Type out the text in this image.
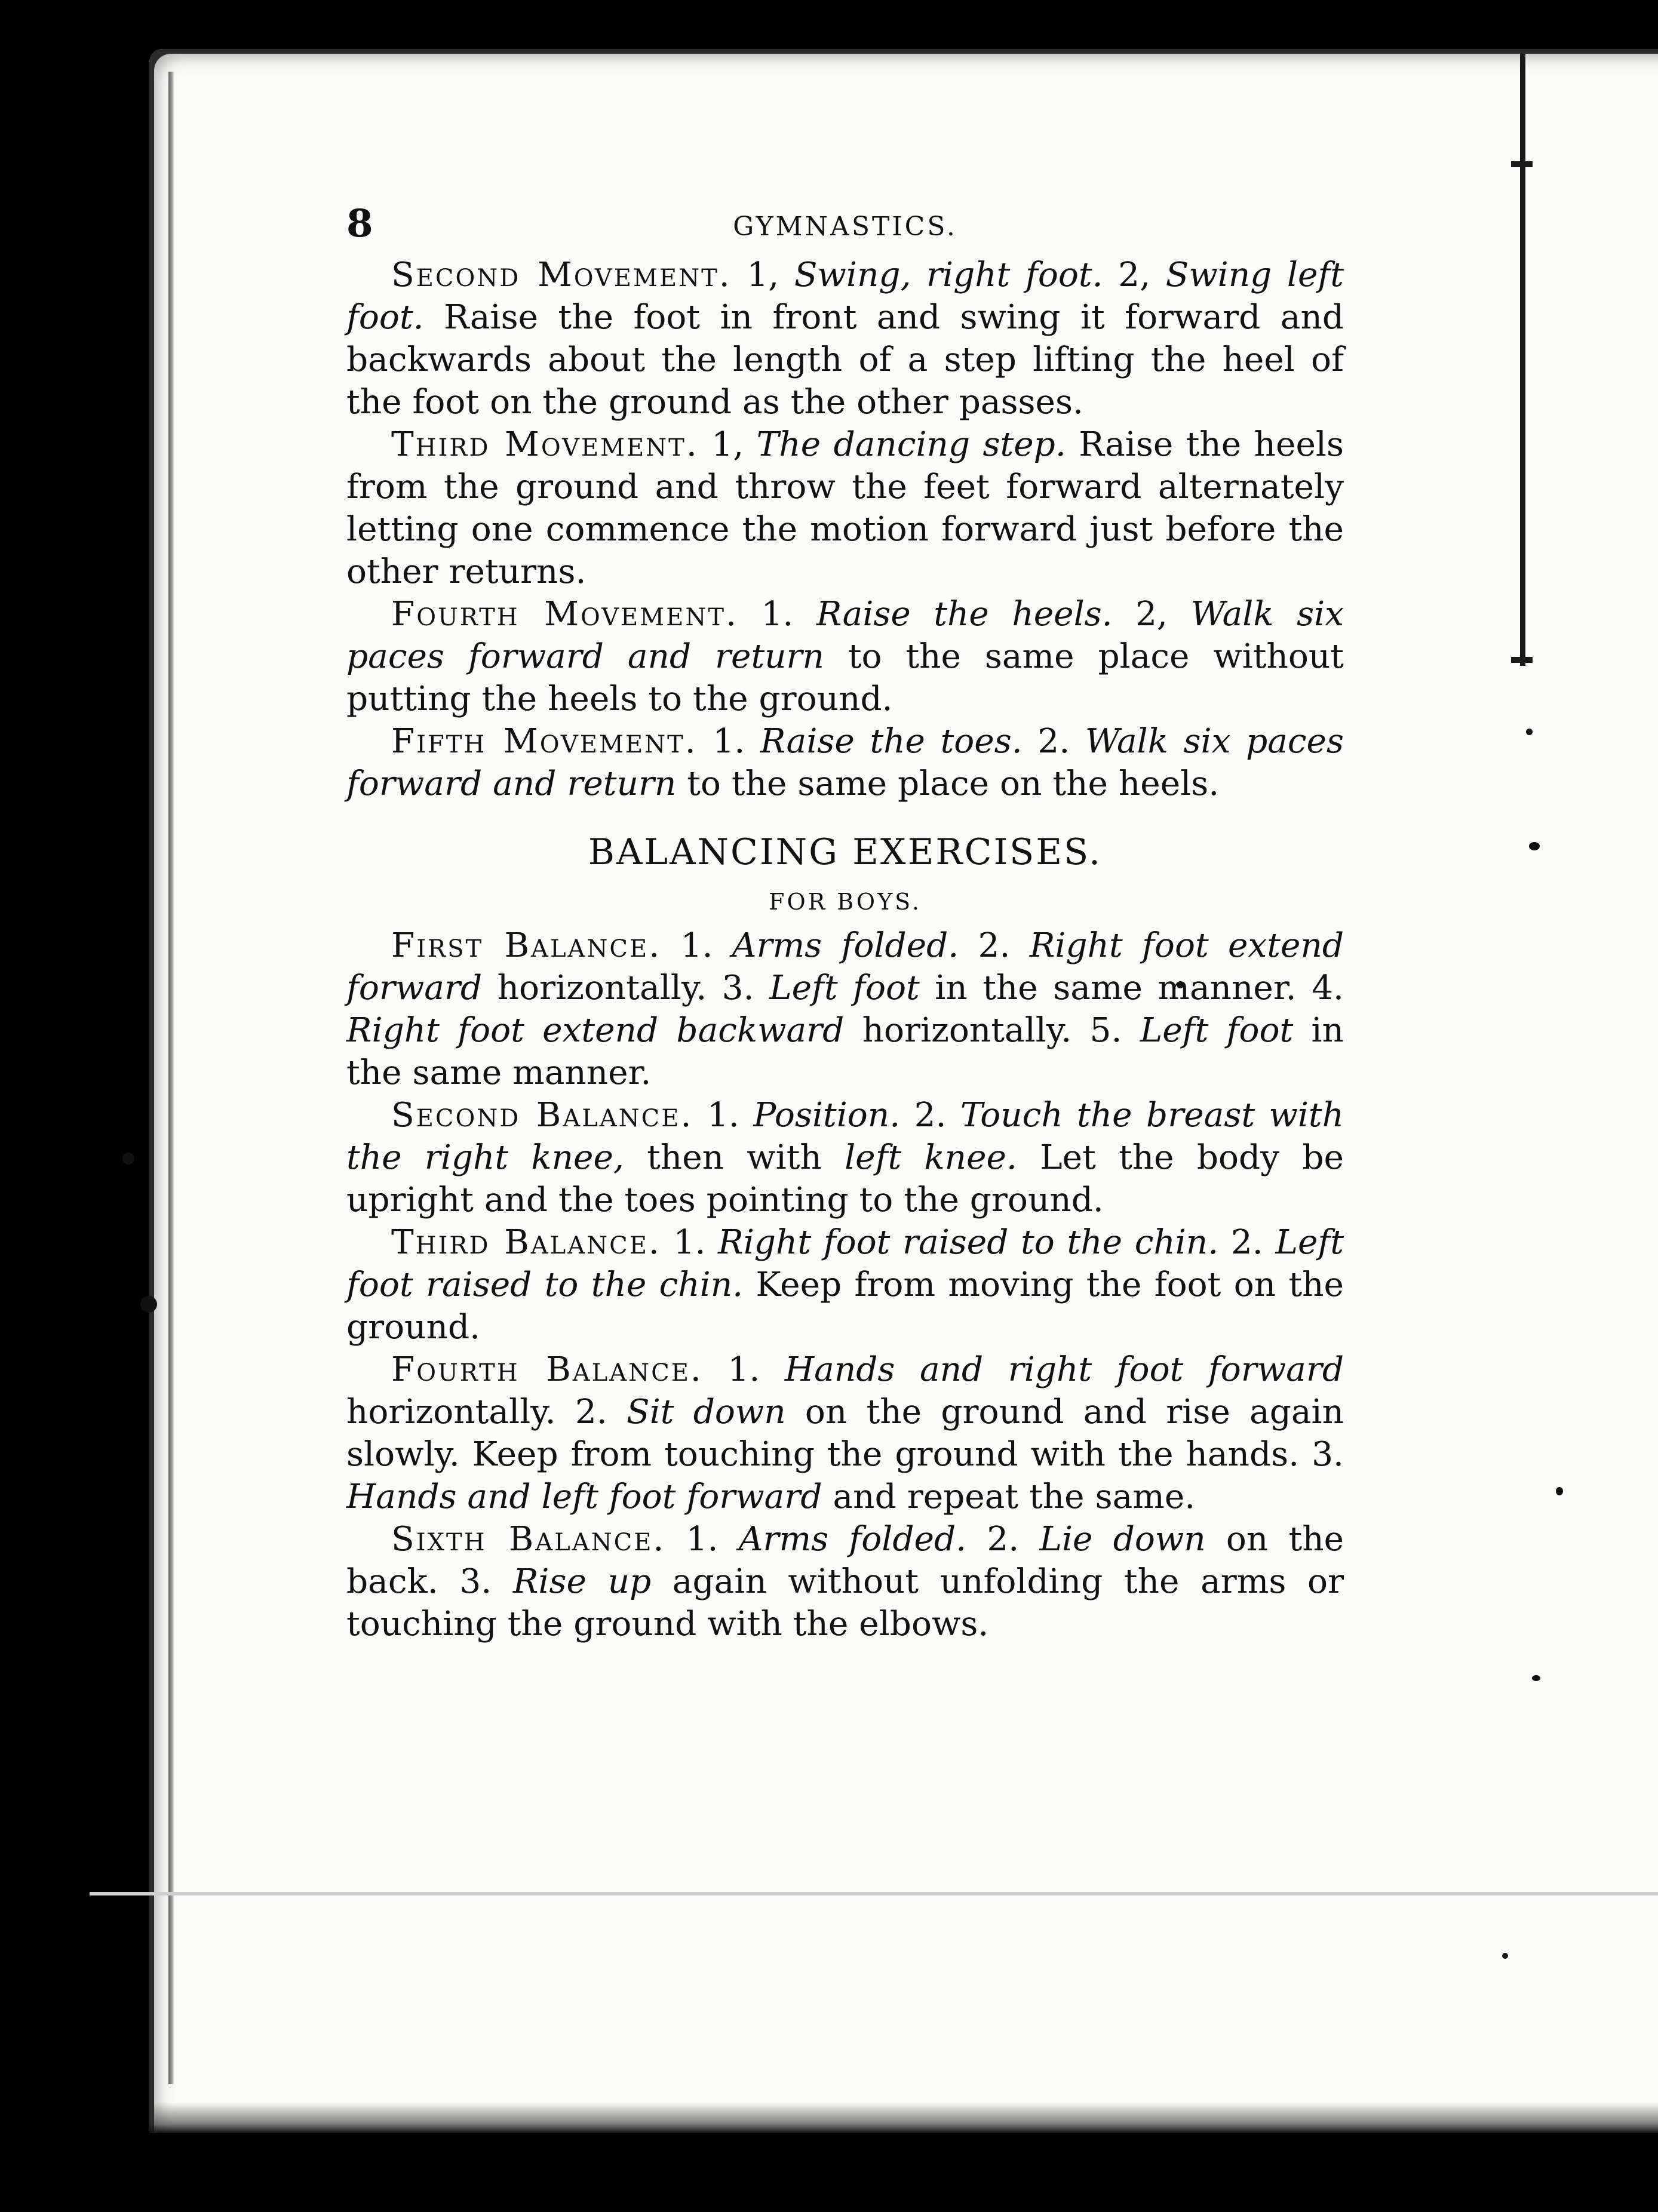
8	GYMNASTICS.

Second Movement. 1, Swing, right foot. 2, Swing left foot. Raise the foot in front and swing it forward and backwards about the length of a step lifting the heel of the foot on the ground as the other passes.

Third Movement. 1, The dancing step. Raise the heels from the ground and throw the feet forward alternately letting one commence the motion forward just before the other returns.

Fourth Movement. 1. Raise the heels. 2, Walk six paces forward and return to the same place without putting the heels to the ground.

Fifth Movement. 1. Raise the toes. 2. Walk six paces forward and return to the same place on the heels.

BALANCING EXERCISES.
FOR BOYS.

First Balance. 1. Arms folded. 2. Right foot extend forward horizontally. 3. Left foot in the same manner. 4. Right foot extend backward horizontally. 5. Left foot in the same manner.

Second Balance. 1. Position. 2. Touch the breast with the right knee, then with left knee. Let the body be upright and the toes pointing to the ground.

Third Balance. 1. Right foot raised to the chin. 2. Left foot raised to the chin. Keep from moving the foot on the ground.

Fourth Balance. 1. Hands and right foot forward horizontally. 2. Sit down on the ground and rise again slowly. Keep from touching the ground with the hands. 3. Hands and left foot forward and repeat the same.

Sixth Balance. 1. Arms folded. 2. Lie down on the back. 3. Rise up again without unfolding the arms or touching the ground with the elbows.
